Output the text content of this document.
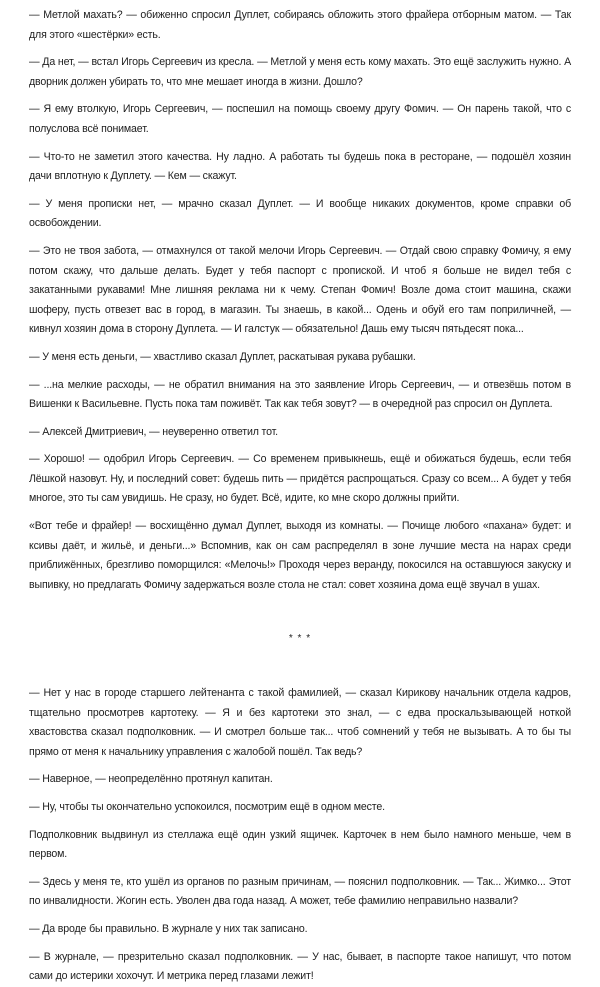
— Метлой махать? — обиженно спросил Дуплет, собираясь обложить этого фрайера отборным матом. — Так для этого «шестёрки» есть.

— Да нет, — встал Игорь Сергеевич из кресла. — Метлой у меня есть кому махать. Это ещё заслужить нужно. А дворник должен убирать то, что мне мешает иногда в жизни. Дошло?

— Я ему втолкую, Игорь Сергеевич, — поспешил на помощь своему другу Фомич. — Он парень такой, что с полуслова всё понимает.

— Что-то не заметил этого качества. Ну ладно. А работать ты будешь пока в ресторане, — подошёл хозяин дачи вплотную к Дуплету. — Кем — скажут.

— У меня прописки нет, — мрачно сказал Дуплет. — И вообще никаких документов, кроме справки об освобождении.

— Это не твоя забота, — отмахнулся от такой мелочи Игорь Сергеевич. — Отдай свою справку Фомичу, я ему потом скажу, что дальше делать. Будет у тебя паспорт с пропиской. И чтоб я больше не видел тебя с закатанными рукавами! Мне лишняя реклама ни к чему. Степан Фомич! Возле дома стоит машина, скажи шоферу, пусть отвезет вас в город, в магазин. Ты знаешь, в какой... Одень и обуй его там поприличней, — кивнул хозяин дома в сторону Дуплета. — И галстук — обязательно! Дашь ему тысяч пятьдесят пока...

— У меня есть деньги, — хвастливо сказал Дуплет, раскатывая рукава рубашки.

— ...на мелкие расходы, — не обратил внимания на это заявление Игорь Сергеевич, — и отвезёшь потом в Вишенки к Васильевне. Пусть пока там поживёт. Так как тебя зовут? — в очередной раз спросил он Дуплета.

— Алексей Дмитриевич, — неуверенно ответил тот.

— Хорошо! — одобрил Игорь Сергеевич. — Со временем привыкнешь, ещё и обижаться будешь, если тебя Лёшкой назовут. Ну, и последний совет: будешь пить — придётся распрощаться. Сразу со всем... А будет у тебя многое, это ты сам увидишь. Не сразу, но будет. Всё, идите, ко мне скоро должны прийти.

«Вот тебе и фрайер! — восхищённо думал Дуплет, выходя из комнаты. — Почище любого «пахана» будет: и ксивы даёт, и жильё, и деньги...» Вспомнив, как он сам распределял в зоне лучшие места на нарах среди приближённых, брезгливо поморщился: «Мелочь!» Проходя через веранду, покосился на оставшуюся закуску и выпивку, но предлагать Фомичу задержаться возле стола не стал: совет хозяина дома ещё звучал в ушах.

* * *

— Нет у нас в городе старшего лейтенанта с такой фамилией, — сказал Кирикову начальник отдела кадров, тщательно просмотрев картотеку. — Я и без картотеки это знал, — с едва проскальзывающей ноткой хвастовства сказал подполковник. — И смотрел больше так... чтоб сомнений у тебя не вызывать. А то бы ты прямо от меня к начальнику управления с жалобой пошёл. Так ведь?

— Наверное, — неопределённо протянул капитан.

— Ну, чтобы ты окончательно успокоился, посмотрим ещё в одном месте.

Подполковник выдвинул из стеллажа ещё один узкий ящичек. Карточек в нем было намного меньше, чем в первом.

— Здесь у меня те, кто ушёл из органов по разным причинам, — пояснил подполковник. — Так... Жимко... Этот по инвалидности. Жогин есть. Уволен два года назад. А может, тебе фамилию неправильно назвали?

— Да вроде бы правильно. В журнале у них так записано.

— В журнале, — презрительно сказал подполковник. — У нас, бывает, в паспорте такое напишут, что потом сами до истерики хохочут. И метрика перед глазами лежит!
